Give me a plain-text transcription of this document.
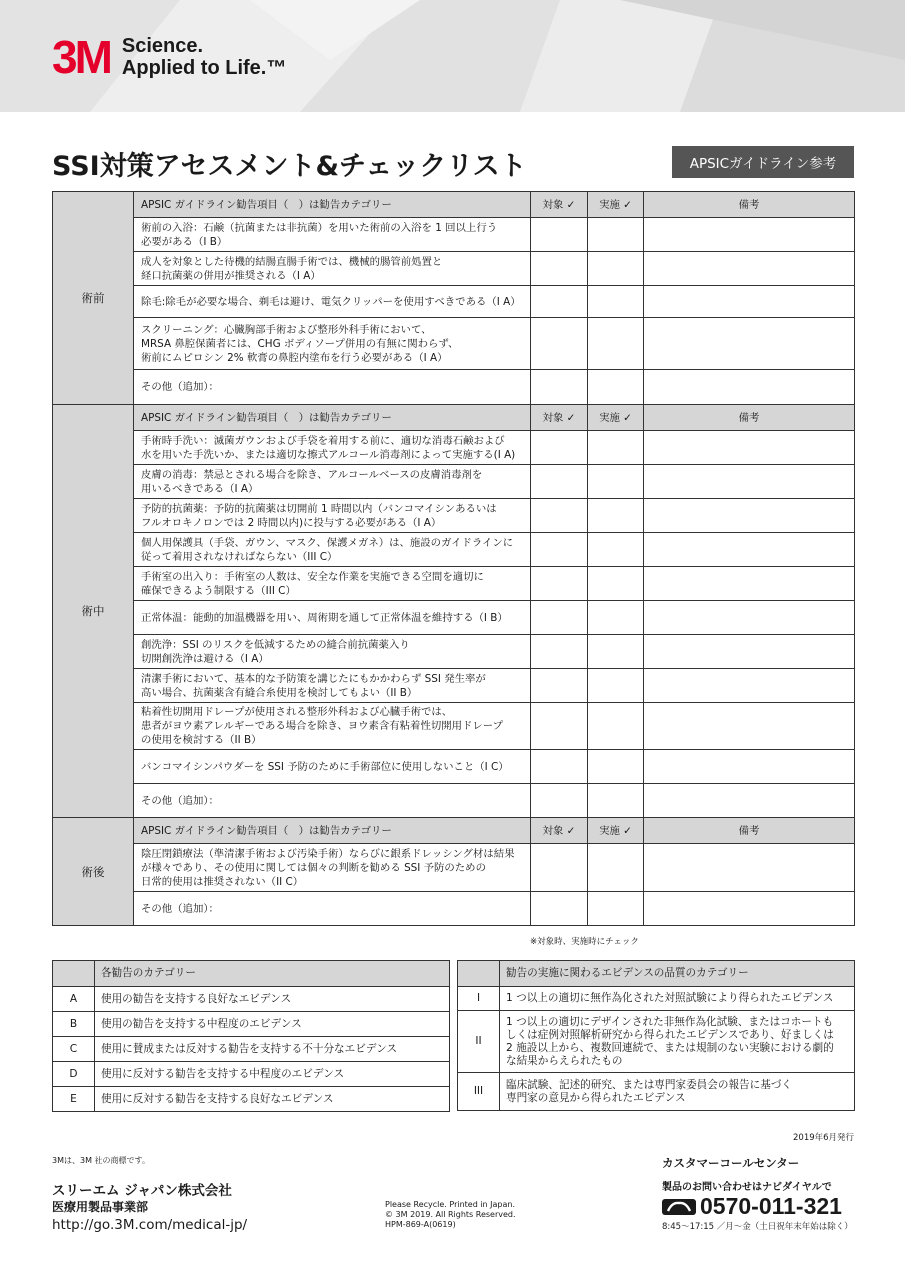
3M Science.
Applied to Life.™
SSI対策アセスメント&チェックリスト	APSICガイドライン参考
術前	APSIC ガイドライン勧告項目（　）は勧告カテゴリー	対象 ✓	実施 ✓	備考
	術前の入浴：石鹸（抗菌または非抗菌）を用いた術前の入浴を 1 回以上行う
必要がある（I B）			
	成人を対象とした待機的結腸直腸手術では、機械的腸管前処置と
経口抗菌薬の併用が推奨される（I A）			
	除毛:除毛が必要な場合、剃毛は避け、電気クリッパーを使用すべきである（I A）			
	スクリーニング：心臓胸部手術および整形外科手術において、
MRSA 鼻腔保菌者には、CHG ボディソープ併用の有無に関わらず、
術前にムピロシン 2% 軟膏の鼻腔内塗布を行う必要がある（I A）			
	その他（追加）：			
術中	APSIC ガイドライン勧告項目（　）は勧告カテゴリー	対象 ✓	実施 ✓	備考
	手術時手洗い：滅菌ガウンおよび手袋を着用する前に、適切な消毒石鹸および
水を用いた手洗いか、または適切な擦式アルコール消毒剤によって実施する(I A)			
	皮膚の消毒：禁忌とされる場合を除き、アルコールベースの皮膚消毒剤を
用いるべきである（I A）			
	予防的抗菌薬：予防的抗菌薬は切開前 1 時間以内（バンコマイシンあるいは
フルオロキノロンでは 2 時間以内)に投与する必要がある（I A）			
	個人用保護具（手袋、ガウン、マスク、保護メガネ）は、施設のガイドラインに
従って着用されなければならない（III C）			
	手術室の出入り：手術室の人数は、安全な作業を実施できる空間を適切に
確保できるよう制限する（III C）			
	正常体温：能動的加温機器を用い、周術期を通して正常体温を維持する（I B）			
	創洗浄：SSI のリスクを低減するための縫合前抗菌薬入り
切開創洗浄は避ける（I A）			
	清潔手術において、基本的な予防策を講じたにもかかわらず SSI 発生率が
高い場合、抗菌薬含有縫合糸使用を検討してもよい（II B）			
	粘着性切開用ドレープが使用される整形外科および心臓手術では、
患者がヨウ素アレルギーである場合を除き、ヨウ素含有粘着性切開用ドレープ
の使用を検討する（II B）			
	バンコマイシンパウダーを SSI 予防のために手術部位に使用しないこと（I C）			
	その他（追加）：			
術後	APSIC ガイドライン勧告項目（　）は勧告カテゴリー	対象 ✓	実施 ✓	備考
	陰圧閉鎖療法（準清潔手術および汚染手術）ならびに銀系ドレッシング材は結果
が様々であり、その使用に関しては個々の判断を勧める SSI 予防のための
日常的使用は推奨されない（II C）			
	その他（追加）：			
※対象時、実施時にチェック
	各勧告のカテゴリー
A	使用の勧告を支持する良好なエビデンス
B	使用の勧告を支持する中程度のエビデンス
C	使用に賛成または反対する勧告を支持する不十分なエビデンス
D	使用に反対する勧告を支持する中程度のエビデンス
E	使用に反対する勧告を支持する良好なエビデンス
	勧告の実施に関わるエビデンスの品質のカテゴリー
I	1 つ以上の適切に無作為化された対照試験により得られたエビデンス
II	1 つ以上の適切にデザインされた非無作為化試験、またはコホートも
しくは症例対照解析研究から得られたエビデンスであり、好ましくは
2 施設以上から、複数回連続で、または規制のない実験における劇的
な結果からえられたもの
III	臨床試験、記述的研究、または専門家委員会の報告に基づく
専門家の意見から得られたエビデンス
2019年6月発行
3Mは、3M 社の商標です。
スリーエム ジャパン株式会社
医療用製品事業部
http://go.3M.com/medical-jp/
Please Recycle. Printed in Japan.
© 3M 2019. All Rights Reserved.
HPM-869-A(0619)
カスタマーコールセンター
製品のお問い合わせはナビダイヤルで
0570-011-321
8:45〜17:15 ／月〜金（土日祝年末年始は除く）
